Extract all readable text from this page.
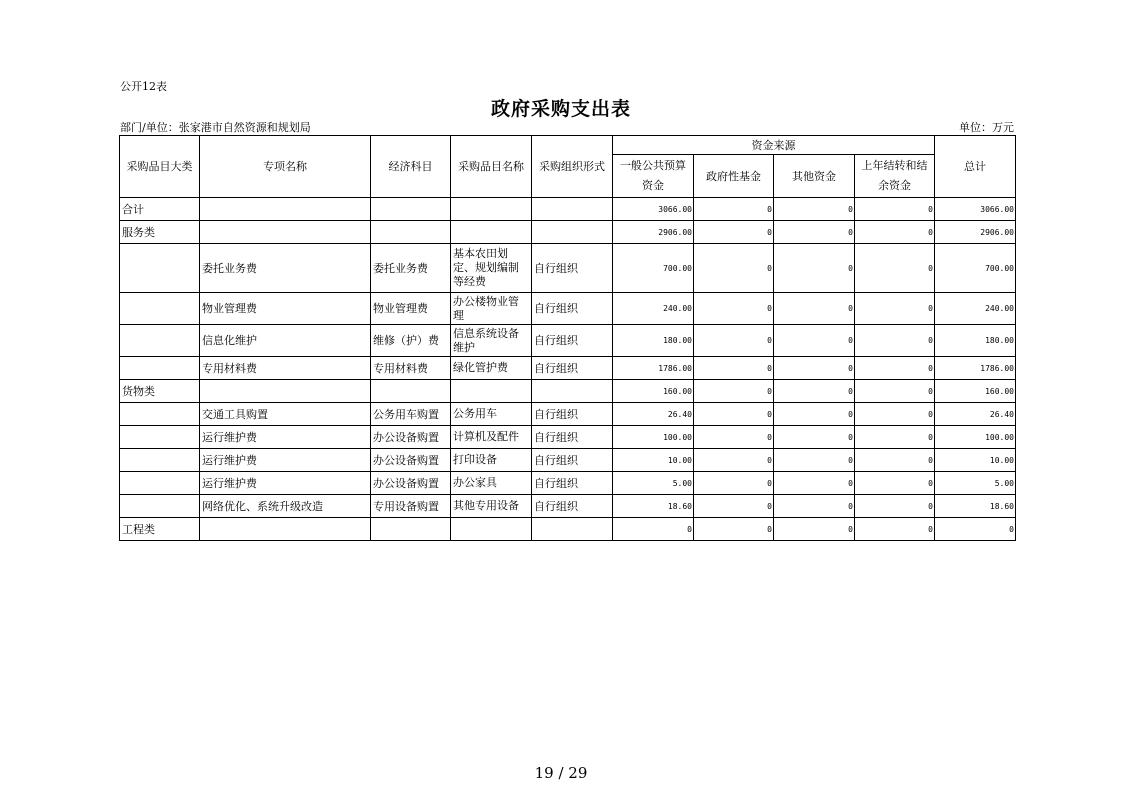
公开12表
政府采购支出表
部门/单位：张家港市自然资源和规划局	单位：万元
采购品目大类	专项名称	经济科目	采购品目名称	采购组织形式	资金来源				总计
					一般公共预算资金	政府性基金	其他资金	上年结转和结余资金	
合计					3066.00	0	0	0	3066.00
服务类					2906.00	0	0	0	2906.00
	委托业务费	委托业务费	基本农田划定、规划编制等经费	自行组织	700.00	0	0	0	700.00
	物业管理费	物业管理费	办公楼物业管理	自行组织	240.00	0	0	0	240.00
	信息化维护	维修（护）费	信息系统设备维护	自行组织	180.00	0	0	0	180.00
	专用材料费	专用材料费	绿化管护费	自行组织	1786.00	0	0	0	1786.00
货物类					160.00	0	0	0	160.00
	交通工具购置	公务用车购置	公务用车	自行组织	26.40	0	0	0	26.40
	运行维护费	办公设备购置	计算机及配件	自行组织	100.00	0	0	0	100.00
	运行维护费	办公设备购置	打印设备	自行组织	10.00	0	0	0	10.00
	运行维护费	办公设备购置	办公家具	自行组织	5.00	0	0	0	5.00
	网络优化、系统升级改造	专用设备购置	其他专用设备	自行组织	18.60	0	0	0	18.60
工程类					0	0	0	0	0
19 / 29
